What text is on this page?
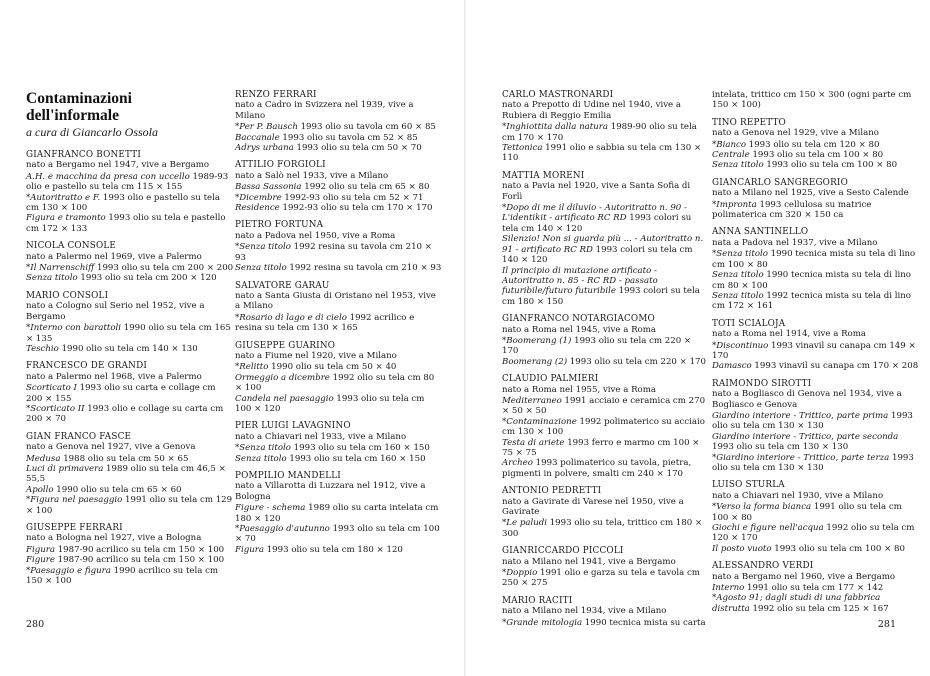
Contaminazioni
dell'informale
a cura di Giancarlo Ossola
GIANFRANCO BONETTI
nato a Bergamo nel 1947, vive a Bergamo
A.H. e macchina da presa con uccello 1989-93 olio e pastello su tela cm 115 × 155
*Autoritratto e F. 1993 olio e pastello su tela cm 130 × 100
Figura e tramonto 1993 olio su tela e pastello cm 172 × 133
NICOLA CONSOLE
nato a Palermo nel 1969, vive a Palermo
*Il Narrenschiff 1993 olio su tela cm 200 × 200
Senza titolo 1993 olio su tela cm 200 × 120
MARIO CONSOLI
nato a Cologno sul Serio nel 1952, vive a Bergamo
*Interno con barattoli 1990 olio su tela cm 165 × 135
Teschio 1990 olio su tela cm 140 × 130
FRANCESCO DE GRANDI
nato a Palermo nel 1968, vive a Palermo
Scorticato I 1993 olio su carta e collage cm 200 × 155
*Scorticato II 1993 olio e collage su carta cm 200 × 70
GIAN FRANCO FASCE
nato a Genova nel 1927, vive a Genova
Medusa 1988 olio su tela cm 50 × 65
Luci di primavera 1989 olio su tela cm 46,5 × 55,5
Apollo 1990 olio su tela cm 65 × 60
*Figura nel paesaggio 1991 olio su tela cm 129 × 100
GIUSEPPE FERRARI
nato a Bologna nel 1927, vive a Bologna
Figura 1987-90 acrilico su tela cm 150 × 100
Figure 1987-90 acrilico su tela cm 150 × 100
*Paesaggio e figura 1990 acrilico su tela cm 150 × 100
RENZO FERRARI
nato a Cadro in Svizzera nel 1939, vive a Milano
*Per P. Bausch 1993 olio su tavola cm 60 × 85
Baccanale 1993 olio su tavola cm 52 × 85
Adrys urbana 1993 olio su tela cm 50 × 70
ATTILIO FORGIOLI
nato a Salò nel 1933, vive a Milano
Bassa Sassonia 1992 olio su tela cm 65 × 80
*Dicembre 1992-93 olio su tela cm 52 × 71
Residence 1992-93 olio su tela cm 170 × 170
PIETRO FORTUNA
nato a Padova nel 1950, vive a Roma
*Senza titolo 1992 resina su tavola cm 210 × 93
Senza titolo 1992 resina su tavola cm 210 × 93
SALVATORE GARAU
nato a Santa Giusta di Oristano nel 1953, vive a Milano
*Rosario di lago e di cielo 1992 acrilico e resina su tela cm 130 × 165
GIUSEPPE GUARINO
nato a Fiume nel 1920, vive a Milano
*Relitto 1990 olio su tela cm 50 × 40
Ormeggio a dicembre 1992 olio su tela cm 80 × 100
Candela nel paesaggio 1993 olio su tela cm 100 × 120
PIER LUIGI LAVAGNINO
nato a Chiavari nel 1933, vive a Milano
*Senza titolo 1993 olio su tela cm 160 × 150
Senza titolo 1993 olio su tela cm 160 × 150
POMPILIO MANDELLI
nato a Villarotta di Luzzara nel 1912, vive a Bologna
Figure - schema 1989 olio su carta intelata cm 180 × 120
*Paesaggio d'autunno 1993 olio su tela cm 100 × 70
Figura 1993 olio su tela cm 180 × 120
280
CARLO MASTRONARDI
nato a Prepotto di Udine nel 1940, vive a Rubiera di Reggio Emilia
*Inghiottita dalla natura 1989-90 olio su tela cm 170 × 170
Tettonica 1991 olio e sabbia su tela cm 130 × 110
MATTIA MORENI
nato a Pavia nel 1920, vive a Santa Sofia di Forlì
*Dopo di me il diluvio - Autoritratto n. 90 - L'identikit - artificato RC RD 1993 colori su tela cm 140 × 120
Silenzio! Non si guarda più ... - Autoritratto n. 91 - artificato RC RD 1993 colori su tela cm 140 × 120
Il principio di mutazione artificato - Autoritratto n. 85 - RC RD - passato futuribile/futuro futuribile 1993 colori su tela cm 180 × 150
GIANFRANCO NOTARGIACOMO
nato a Roma nel 1945, vive a Roma
*Boomerang (1) 1993 olio su tela cm 220 × 170
Boomerang (2) 1993 olio su tela cm 220 × 170
CLAUDIO PALMIERI
nato a Roma nel 1955, vive a Roma
Mediterraneo 1991 acciaio e ceramica cm 270 × 50 × 50
*Contaminazione 1992 polimaterico su acciaio cm 130 × 100
Testa di ariete 1993 ferro e marmo cm 100 × 75 × 75
Archeo 1993 polimaterico su tavola, pietra, pigmenti in polvere, smalti cm 240 × 170
ANTONIO PEDRETTI
nato a Gavirate di Varese nel 1950, vive a Gavirate
*Le paludi 1993 olio su tela, trittico cm 180 × 300
GIANRICCARDO PICCOLI
nato a Milano nel 1941, vive a Bergamo
*Doppio 1991 olio e garza su tela e tavola cm 250 × 275
MARIO RACITI
nato a Milano nel 1934, vive a Milano
*Grande mitologia 1990 tecnica mista su carta
intelata, trittico cm 150 × 300 (ogni parte cm 150 × 100)
TINO REPETTO
nato a Genova nel 1929, vive a Milano
*Bianco 1993 olio su tela cm 120 × 80
Centrale 1993 olio su tela cm 100 × 80
Senza titolo 1993 olio su tela cm 100 × 80
GIANCARLO SANGREGORIO
nato a Milano nel 1925, vive a Sesto Calende
*Impronta 1993 cellulosa su matrice polimaterica cm 320 × 150 ca
ANNA SANTINELLO
nata a Padova nel 1937, vive a Milano
*Senza titolo 1990 tecnica mista su tela di lino cm 100 × 80
Senza titolo 1990 tecnica mista su tela di lino cm 80 × 100
Senza titolo 1992 tecnica mista su tela di lino cm 172 × 161
TOTI SCIALOJA
nato a Roma nel 1914, vive a Roma
*Discontinuo 1993 vinavil su canapa cm 149 × 170
Damasco 1993 vinavil su canapa cm 170 × 208
RAIMONDO SIROTTI
nato a Bogliasco di Genova nel 1934, vive a Bogliasco e Genova
Giardino interiore - Trittico, parte prima 1993 olio su tela cm 130 × 130
Giardino interiore - Trittico, parte seconda 1993 olio su tela cm 130 × 130
*Giardino interiore - Trittico, parte terza 1993 olio su tela cm 130 × 130
LUISO STURLA
nato a Chiavari nel 1930, vive a Milano
*Verso la forma bianca 1991 olio su tela cm 100 × 80
Giochi e figure nell'acqua 1992 olio su tela cm 120 × 170
Il posto vuoto 1993 olio su tela cm 100 × 80
ALESSANDRO VERDI
nato a Bergamo nel 1960, vive a Bergamo
Interno 1991 olio su tela cm 177 × 142
*Agosto 91; dagli studi di una fabbrica distrutta 1992 olio su tela cm 125 × 167
281
